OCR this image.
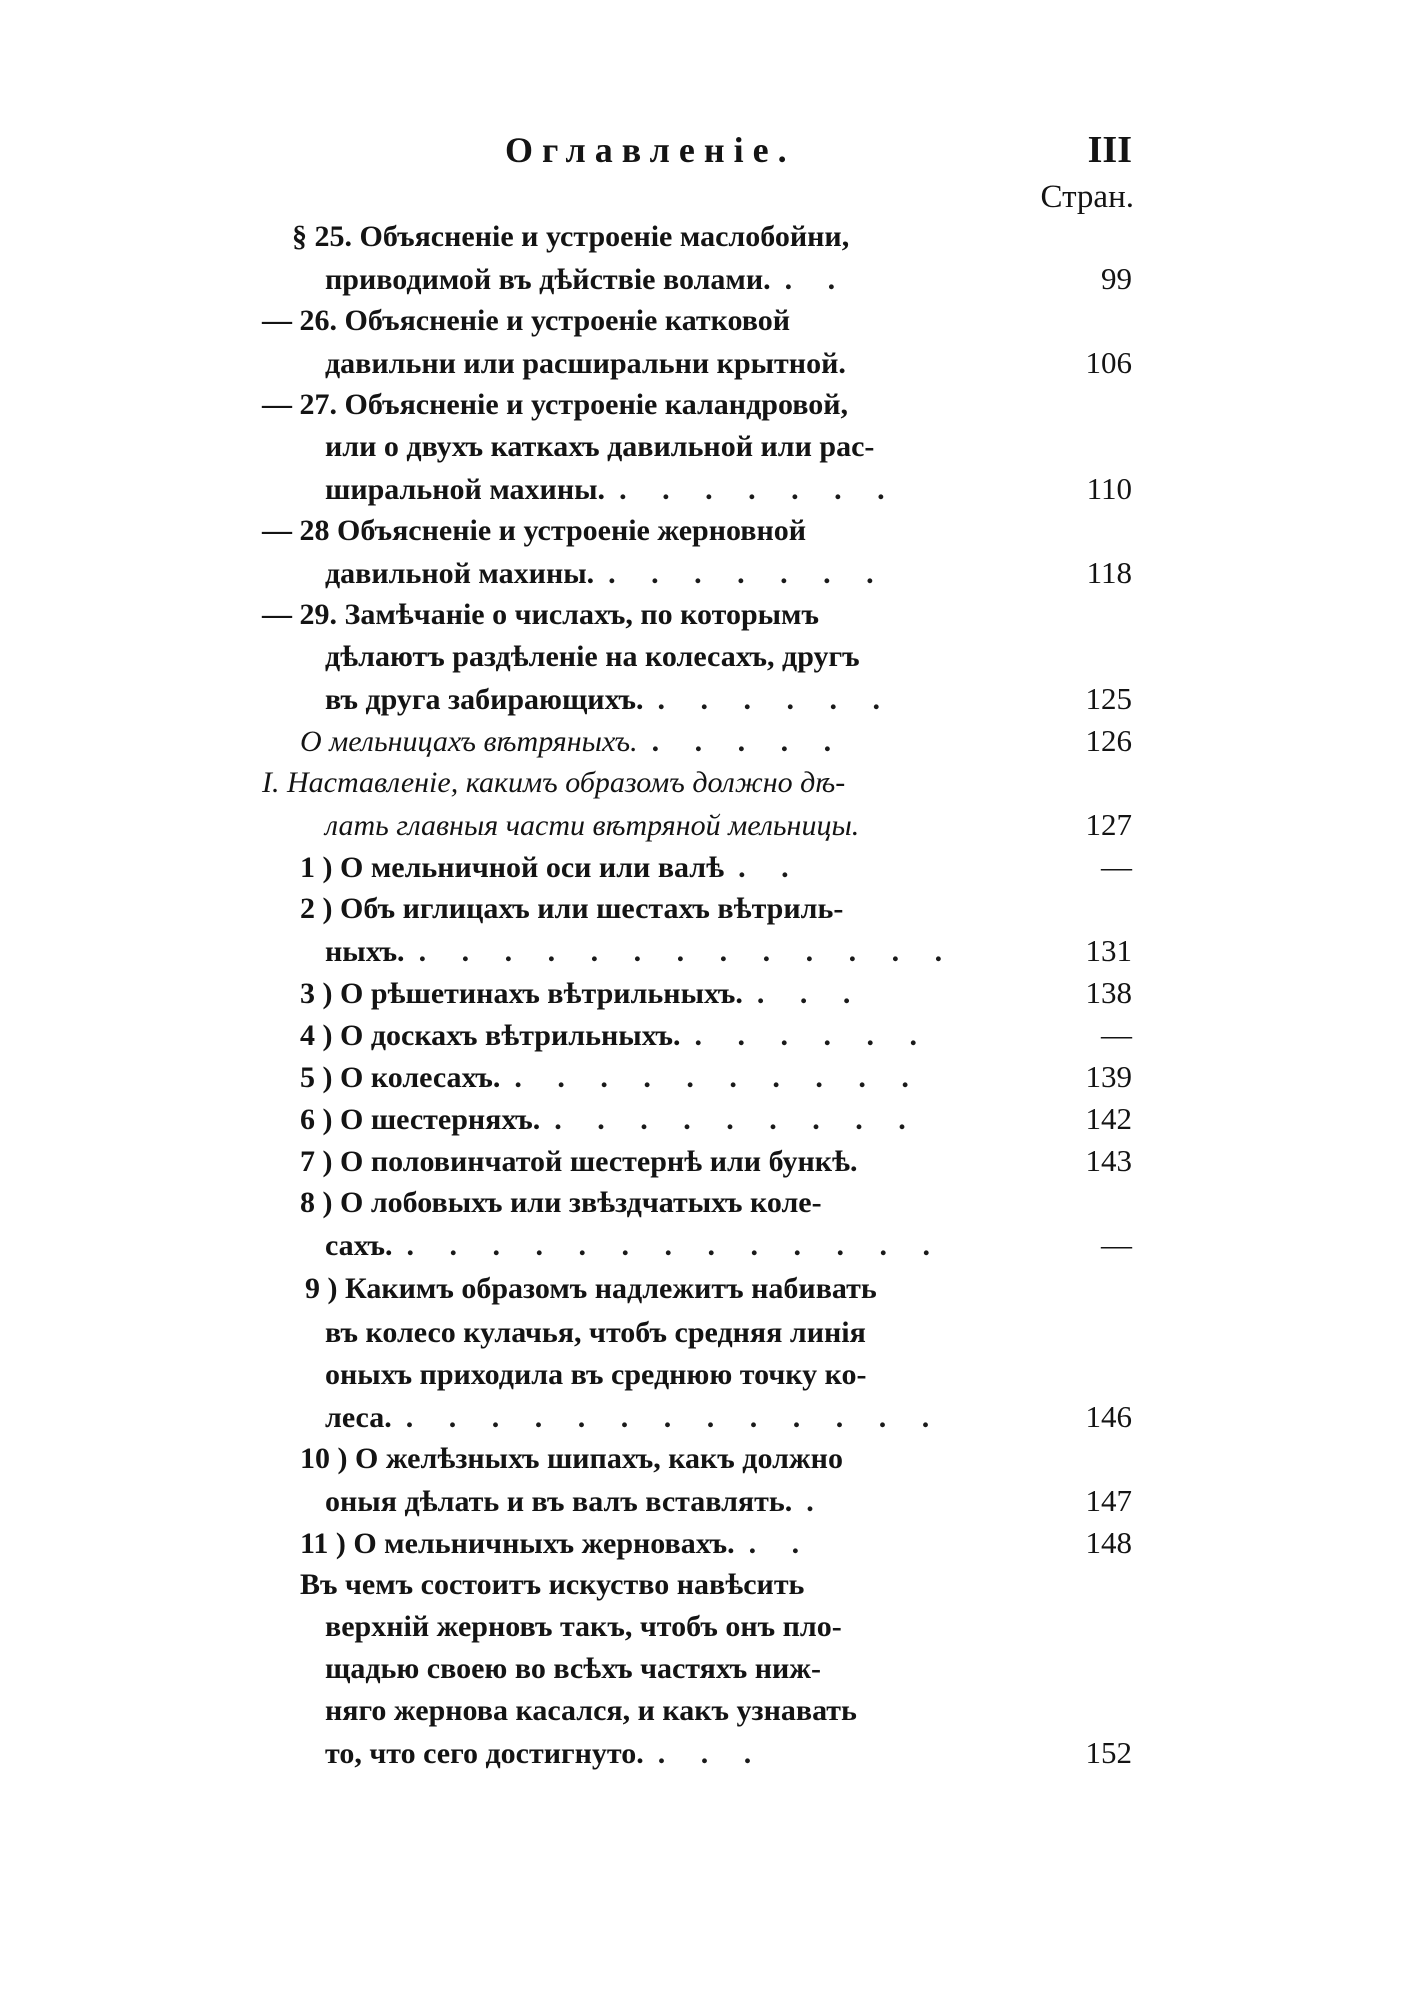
Оглавленiе.	III
Стран.
§ 25. Объясненiе и устроенiе маслобойни,
приводимой въ дѣйствiе волами. . .	99
— 26. Объясненiе и устроенiе катковой
давильни или расширальни крытной.	106
— 27. Объясненiе и устроенiе каландровой,
или о двухъ каткахъ давильной или рас-
ширальной махины. . . . . . . .	110
— 28 Объясненiе и устроенiе жерновной
давильной махины. . . . . . . .	118
— 29. Замѣчанiе о числахъ, по которымъ
дѣлаютъ раздѣленiе на колесахъ, другъ
въ друга забирающихъ. . . . . . .	125
О мельницахъ вѣтряныхъ. . . . . .	126
I. Наставленiе, какимъ образомъ должно дѣ-
лать главныя части вѣтряной мельницы.	127
1 ) О мельничной оси или валѣ . .	—
2 ) Объ иглицахъ или шестахъ вѣтриль-
ныхъ. . . . . . . . . . . . . .	131
3 ) О рѣшетинахъ вѣтрильныхъ. . . .	138
4 ) О доскахъ вѣтрильныхъ. . . . . . .	—
5 ) О колесахъ. . . . . . . . . . .	139
6 ) О шестерняхъ. . . . . . . . . .	142
7 ) О половинчатой шестернѣ или бункѣ.	143
8 ) О лобовыхъ или звѣздчатыхъ коле-
сахъ. . . . . . . . . . . . . .	—
9 ) Какимъ образомъ надлежитъ набивать
въ колесо кулачья, чтобъ средняя линiя
оныхъ приходила въ среднюю точку ко-
леса. . . . . . . . . . . . . .	146
10 ) О желѣзныхъ шипахъ, какъ должно
оныя дѣлать и въ валъ вставлять. .	147
11 ) О мельничныхъ жерновахъ. . .	148
Въ чемъ состоитъ искуство навѣсить
верхнiй жерновъ такъ, чтобъ онъ пло-
щадью своею во всѣхъ частяхъ ниж-
няго жернова касался, и какъ узнавать
то, что сего достигнуто. . . .	152
